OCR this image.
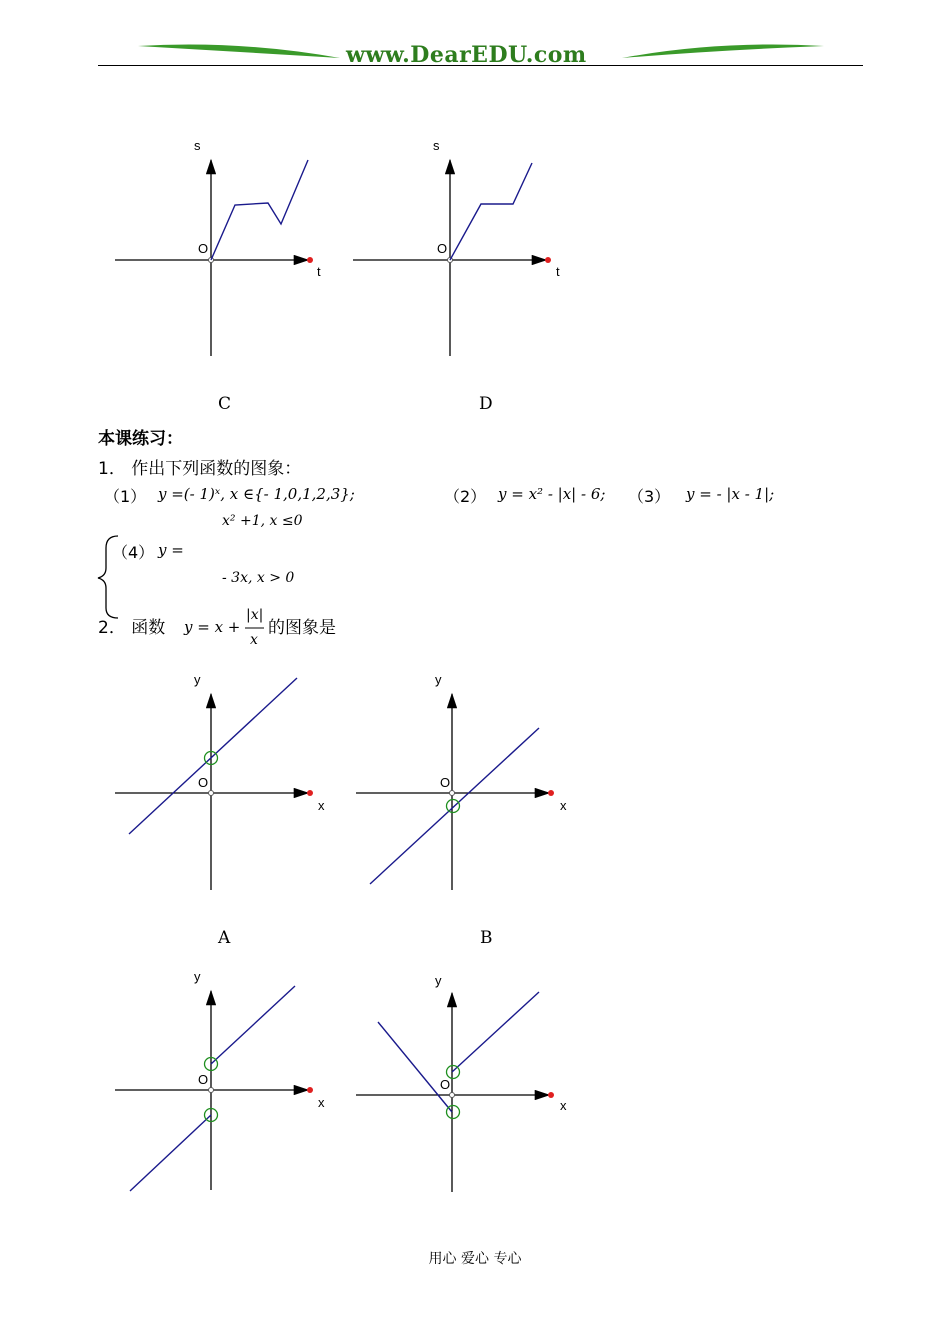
www.DearEDU.com
s
t
O
C
s
t
O
D
本课练习：
1． 作出下列函数的图象：
（1） y =(- 1)ˣ, x ∈{- 1,0,1,2,3};	（2） y = x² - |x| - 6; （3） y = - |x - 1|;
x² +1, x ≤0
（4） y =
- 3x, x > 0
2． 函数 y = x +
|x|
x
的图象是
y
x
O
A
y
x
O
B
y
x
O
y
x
O
用心 爱心 专心
